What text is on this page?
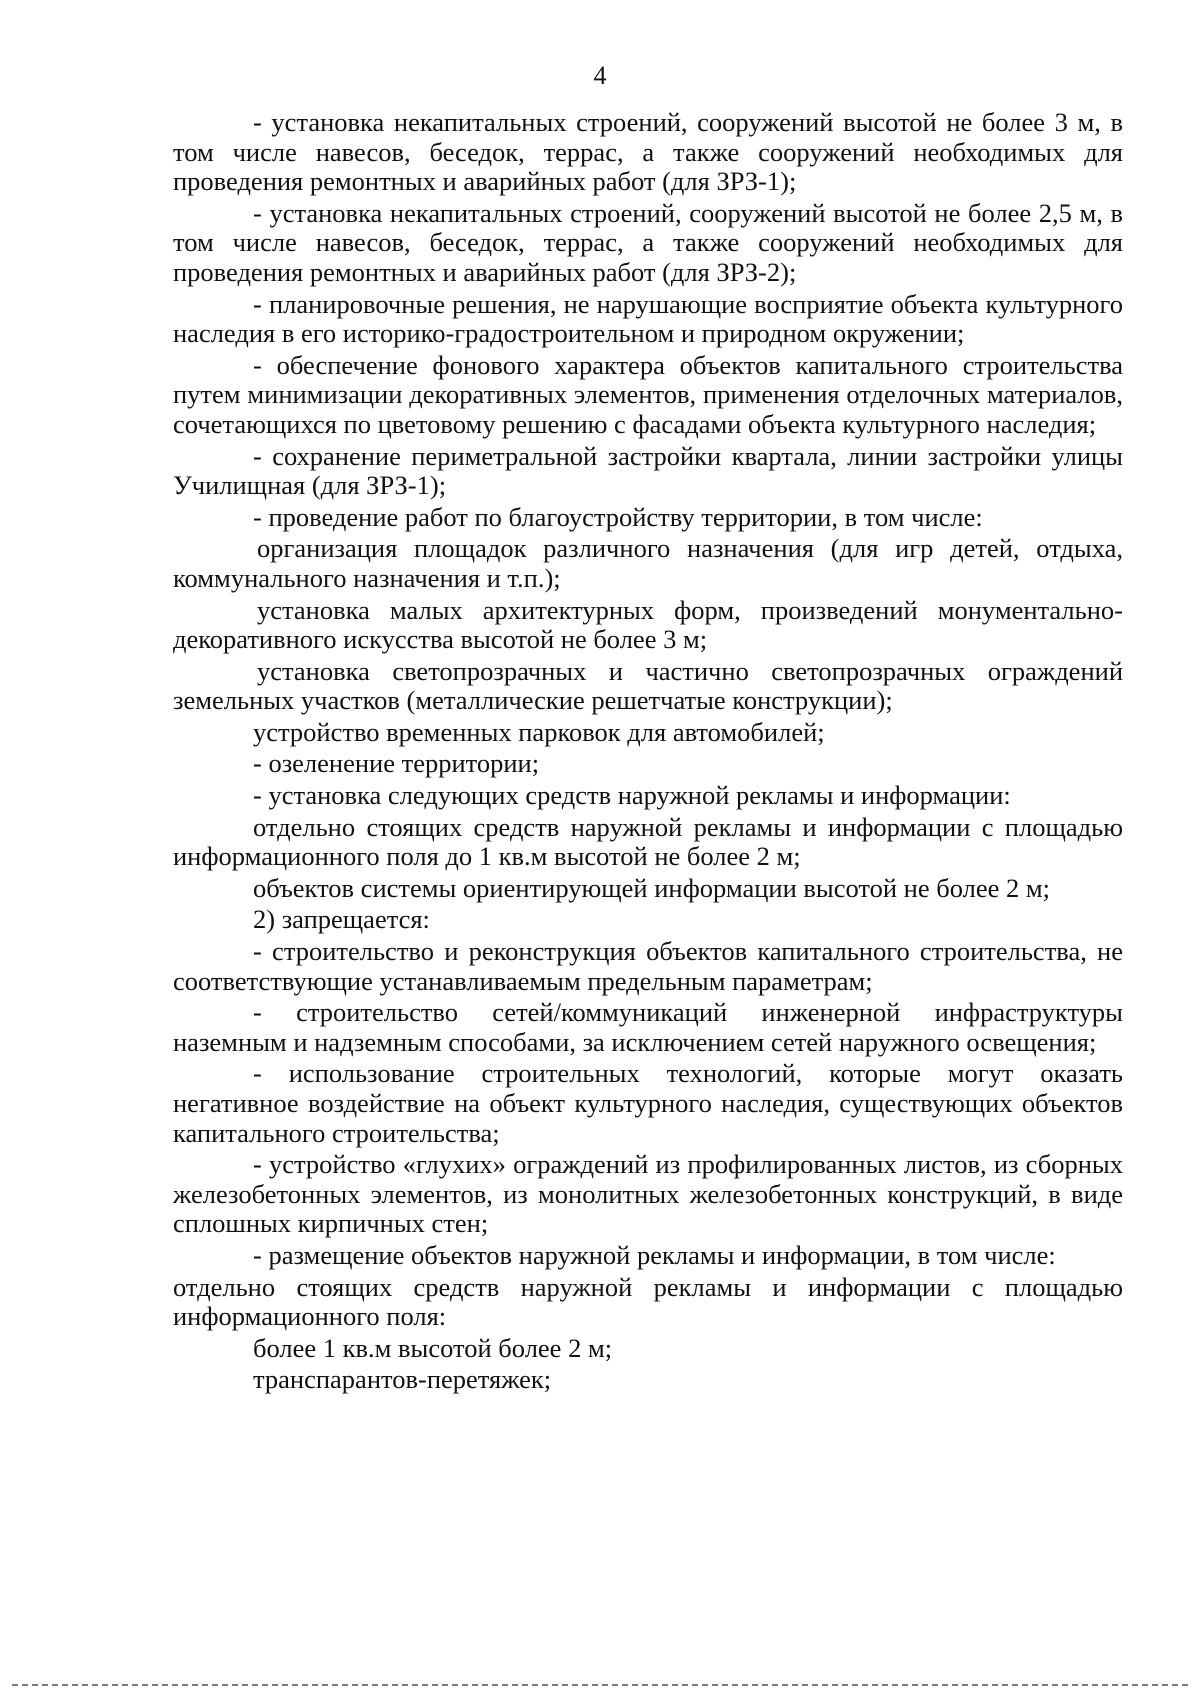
4

- установка некапитальных строений, сооружений высотой не более 3 м, в том числе навесов, беседок, террас, а также сооружений необходимых для проведения ремонтных и аварийных работ (для ЗРЗ-1);

- установка некапитальных строений, сооружений высотой не более 2,5 м, в том числе навесов, беседок, террас, а также сооружений необходимых для проведения ремонтных и аварийных работ (для ЗРЗ-2);

- планировочные решения, не нарушающие восприятие объекта культурного наследия в его историко-градостроительном и природном окружении;

- обеспечение фонового характера объектов капитального строительства путем минимизации декоративных элементов, применения отделочных материалов, сочетающихся по цветовому решению с фасадами объекта культурного наследия;

- сохранение периметральной застройки квартала, линии застройки улицы Училищная (для ЗРЗ-1);

- проведение работ по благоустройству территории, в том числе:

организация площадок различного назначения (для игр детей, отдыха, коммунального назначения и т.п.);

установка малых архитектурных форм, произведений монументально-декоративного искусства высотой не более 3 м;

установка светопрозрачных и частично светопрозрачных ограждений земельных участков (металлические решетчатые конструкции);

устройство временных парковок для автомобилей;

- озеленение территории;

- установка следующих средств наружной рекламы и информации:

отдельно стоящих средств наружной рекламы и информации с площадью информационного поля до 1 кв.м высотой не более 2 м;

объектов системы ориентирующей информации высотой не более 2 м;

2) запрещается:

- строительство и реконструкция объектов капитального строительства, не соответствующие устанавливаемым предельным параметрам;

- строительство сетей/коммуникаций инженерной инфраструктуры наземным и надземным способами, за исключением сетей наружного освещения;

- использование строительных технологий, которые могут оказать негативное воздействие на объект культурного наследия, существующих объектов капитального строительства;

- устройство «глухих» ограждений из профилированных листов, из сборных железобетонных элементов, из монолитных железобетонных конструкций, в виде сплошных кирпичных стен;

- размещение объектов наружной рекламы и информации, в том числе:

отдельно стоящих средств наружной рекламы и информации с площадью информационного поля:

более 1 кв.м высотой более 2 м;

транспарантов-перетяжек;
